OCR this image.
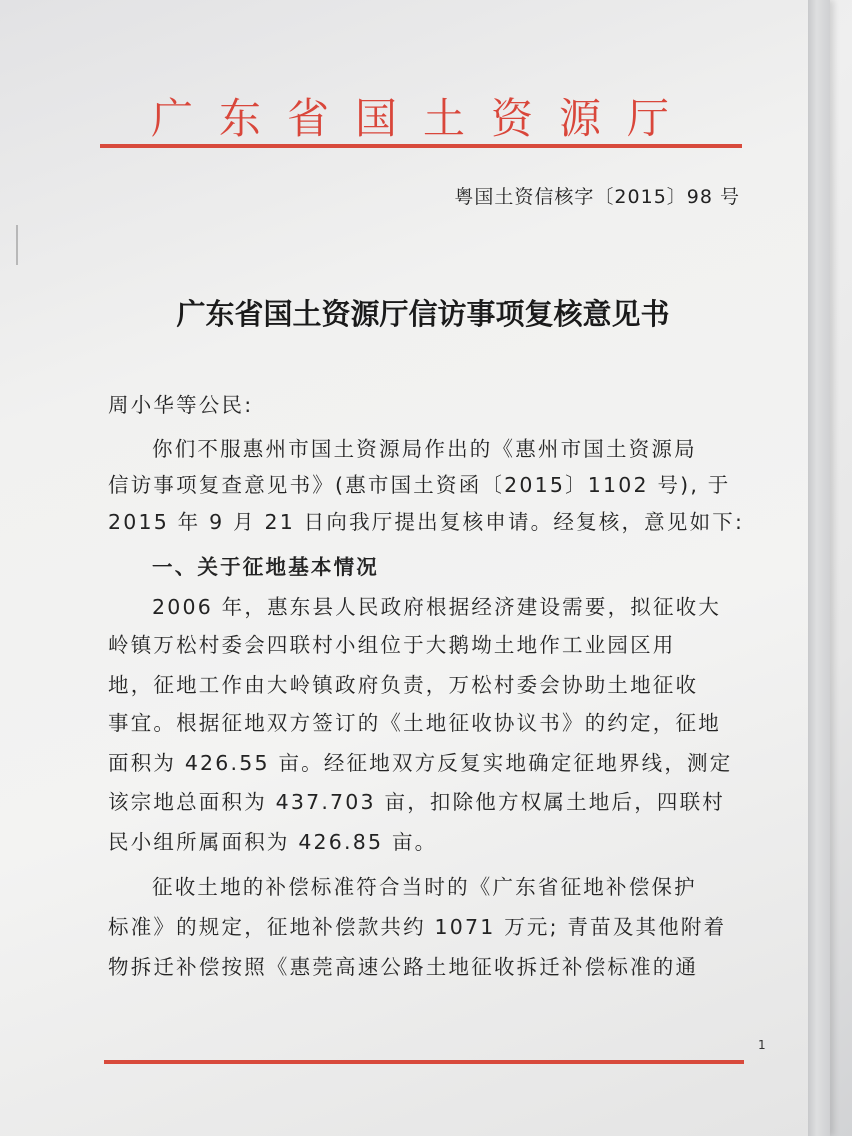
广东省国土资源厅
粤国土资信核字〔2015〕98 号
广东省国土资源厅信访事项复核意见书
周小华等公民:
你们不服惠州市国土资源局作出的《惠州市国土资源局
信访事项复查意见书》(惠市国土资函〔2015〕1102 号), 于
2015 年 9 月 21 日向我厅提出复核申请。经复核，意见如下:
一、关于征地基本情况
2006 年，惠东县人民政府根据经济建设需要，拟征收大
岭镇万松村委会四联村小组位于大鹅坳土地作工业园区用
地，征地工作由大岭镇政府负责，万松村委会协助土地征收
事宜。根据征地双方签订的《土地征收协议书》的约定，征地
面积为 426.55 亩。经征地双方反复实地确定征地界线，测定
该宗地总面积为 437.703 亩，扣除他方权属土地后，四联村
民小组所属面积为 426.85 亩。
征收土地的补偿标准符合当时的《广东省征地补偿保护
标准》的规定，征地补偿款共约 1071 万元; 青苗及其他附着
物拆迁补偿按照《惠莞高速公路土地征收拆迁补偿标准的通
1
